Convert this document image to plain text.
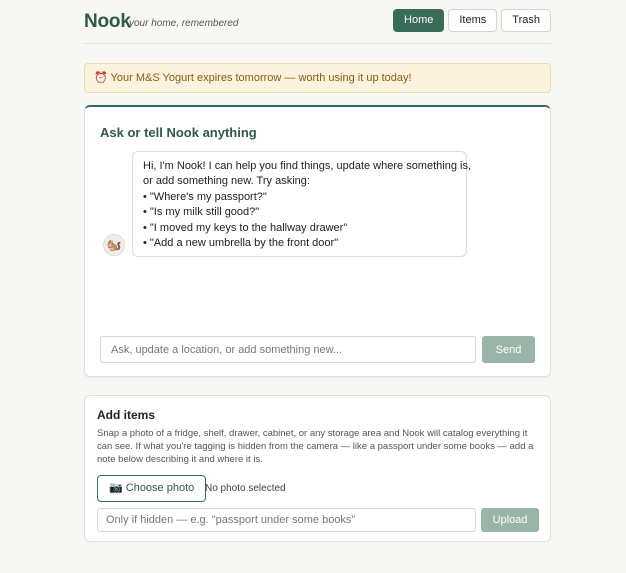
Nook
your home, remembered	Home	Items	Trash
⏰ Your M&S Yogurt expires tomorrow — worth using it up today!
Ask or tell Nook anything
Hi, I'm Nook! I can help you find things, update where something is,
or add something new. Try asking:
• "Where's my passport?"
• "Is my milk still good?"
• "I moved my keys to the hallway drawer"
• "Add a new umbrella by the front door"
🐿️
Ask, update a location, or add something new...
Send
Add items
Snap a photo of a fridge, shelf, drawer, cabinet, or any storage area and Nook will catalog everything it can see. If what you're tagging is hidden from the camera — like a passport under some books — add a note below describing it and where it is.
📷 Choose photo	No photo selected
Only if hidden — e.g. "passport under some books"
Upload
